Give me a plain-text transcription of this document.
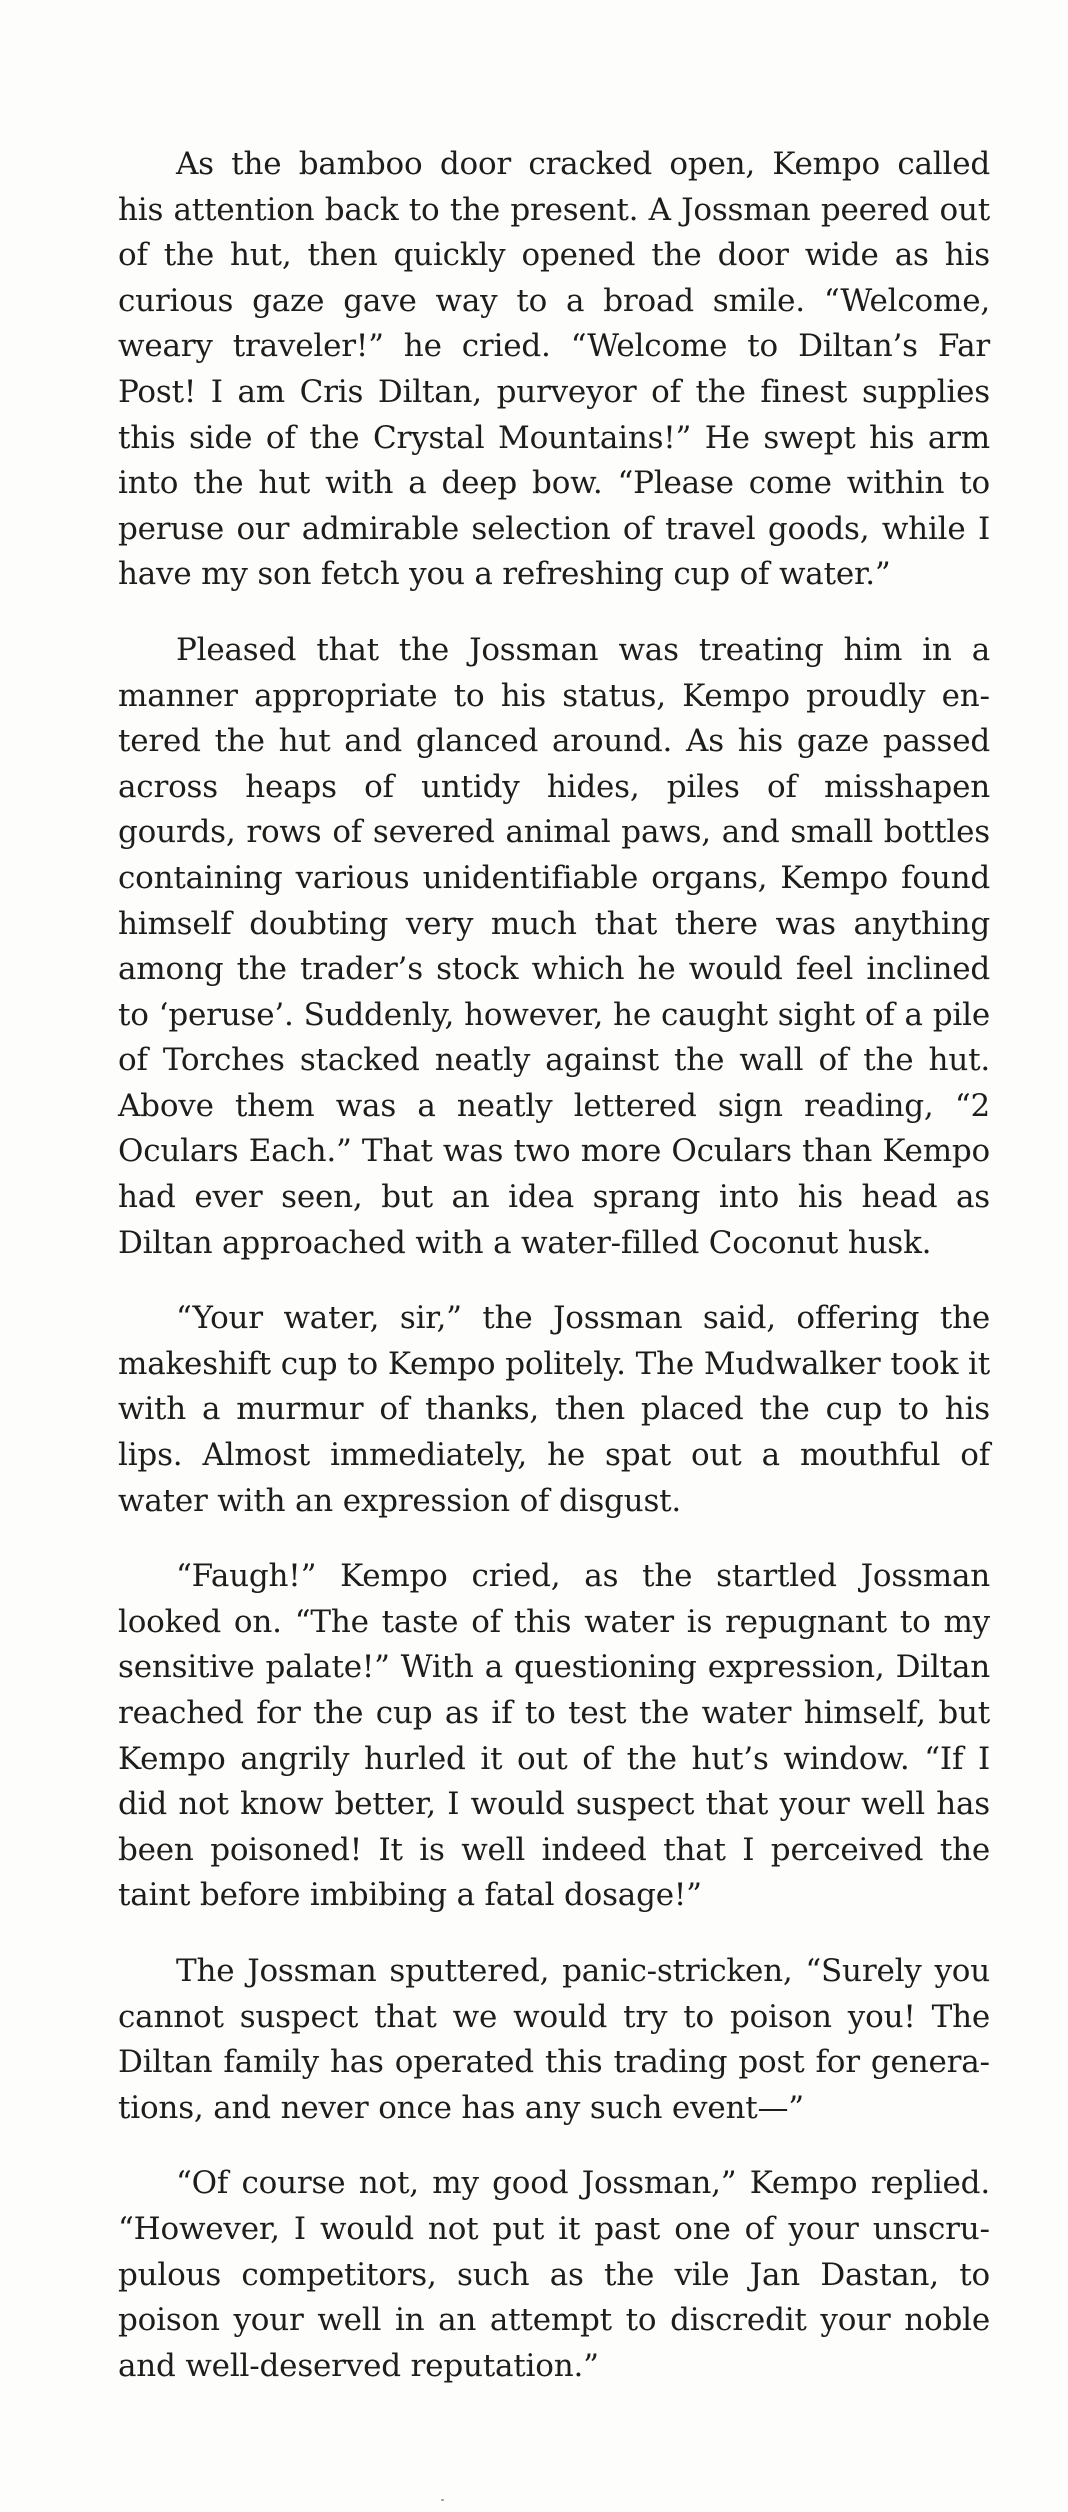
As the bamboo door cracked open, Kempo called his attention back to the present. A Jossman peered out of the hut, then quickly opened the door wide as his curious gaze gave way to a broad smile. “Welcome, weary traveler!” he cried. “Welcome to Diltan’s Far Post! I am Cris Diltan, purveyor of the finest supplies this side of the Crystal Mountains!” He swept his arm into the hut with a deep bow. “Please come within to peruse our admirable selection of travel goods, while I have my son fetch you a refreshing cup of water.”

Pleased that the Jossman was treating him in a manner appropriate to his status, Kempo proudly entered the hut and glanced around. As his gaze passed across heaps of untidy hides, piles of misshapen gourds, rows of severed animal paws, and small bottles containing various unidentifiable organs, Kempo found himself doubting very much that there was anything among the trader’s stock which he would feel inclined to ‘peruse’. Suddenly, however, he caught sight of a pile of Torches stacked neatly against the wall of the hut. Above them was a neatly lettered sign reading, “2 Oculars Each.” That was two more Oculars than Kempo had ever seen, but an idea sprang into his head as Diltan approached with a water-filled Coconut husk.

“Your water, sir,” the Jossman said, offering the makeshift cup to Kempo politely. The Mudwalker took it with a murmur of thanks, then placed the cup to his lips. Almost immediately, he spat out a mouthful of water with an expression of disgust.

“Faugh!” Kempo cried, as the startled Jossman looked on. “The taste of this water is repugnant to my sensitive palate!” With a questioning expression, Diltan reached for the cup as if to test the water himself, but Kempo angrily hurled it out of the hut’s window. “If I did not know better, I would suspect that your well has been poisoned! It is well indeed that I perceived the taint before imbibing a fatal dosage!”

The Jossman sputtered, panic-stricken, “Surely you cannot suspect that we would try to poison you! The Diltan family has operated this trading post for generations, and never once has any such event—”

“Of course not, my good Jossman,” Kempo replied. “However, I would not put it past one of your unscrupulous competitors, such as the vile Jan Dastan, to poison your well in an attempt to discredit your noble and well-deserved reputation.”
